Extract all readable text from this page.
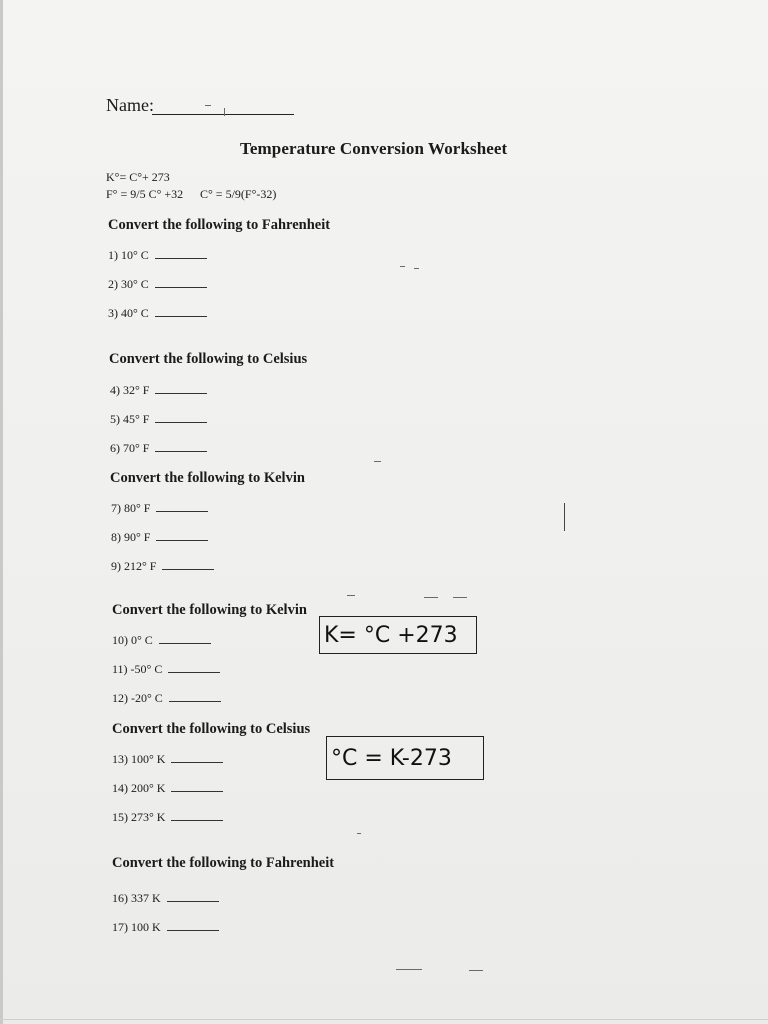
Name:
Temperature Conversion Worksheet
K°= C°+ 273
F° = 9/5 C° +32 C° = 5/9(F°-32)
Convert the following to Fahrenheit
1) 10° C
2) 30° C
3) 40° C
Convert the following to Celsius
4) 32° F
5) 45° F
6) 70° F
Convert the following to Kelvin
7) 80° F
8) 90° F
9) 212° F
Convert the following to Kelvin
10) 0° C
11) -50° C
12) -20° C
K= °C +273
Convert the following to Celsius
13) 100° K
14) 200° K
15) 273° K
°C = K-273
Convert the following to Fahrenheit
16) 337 K
17) 100 K
